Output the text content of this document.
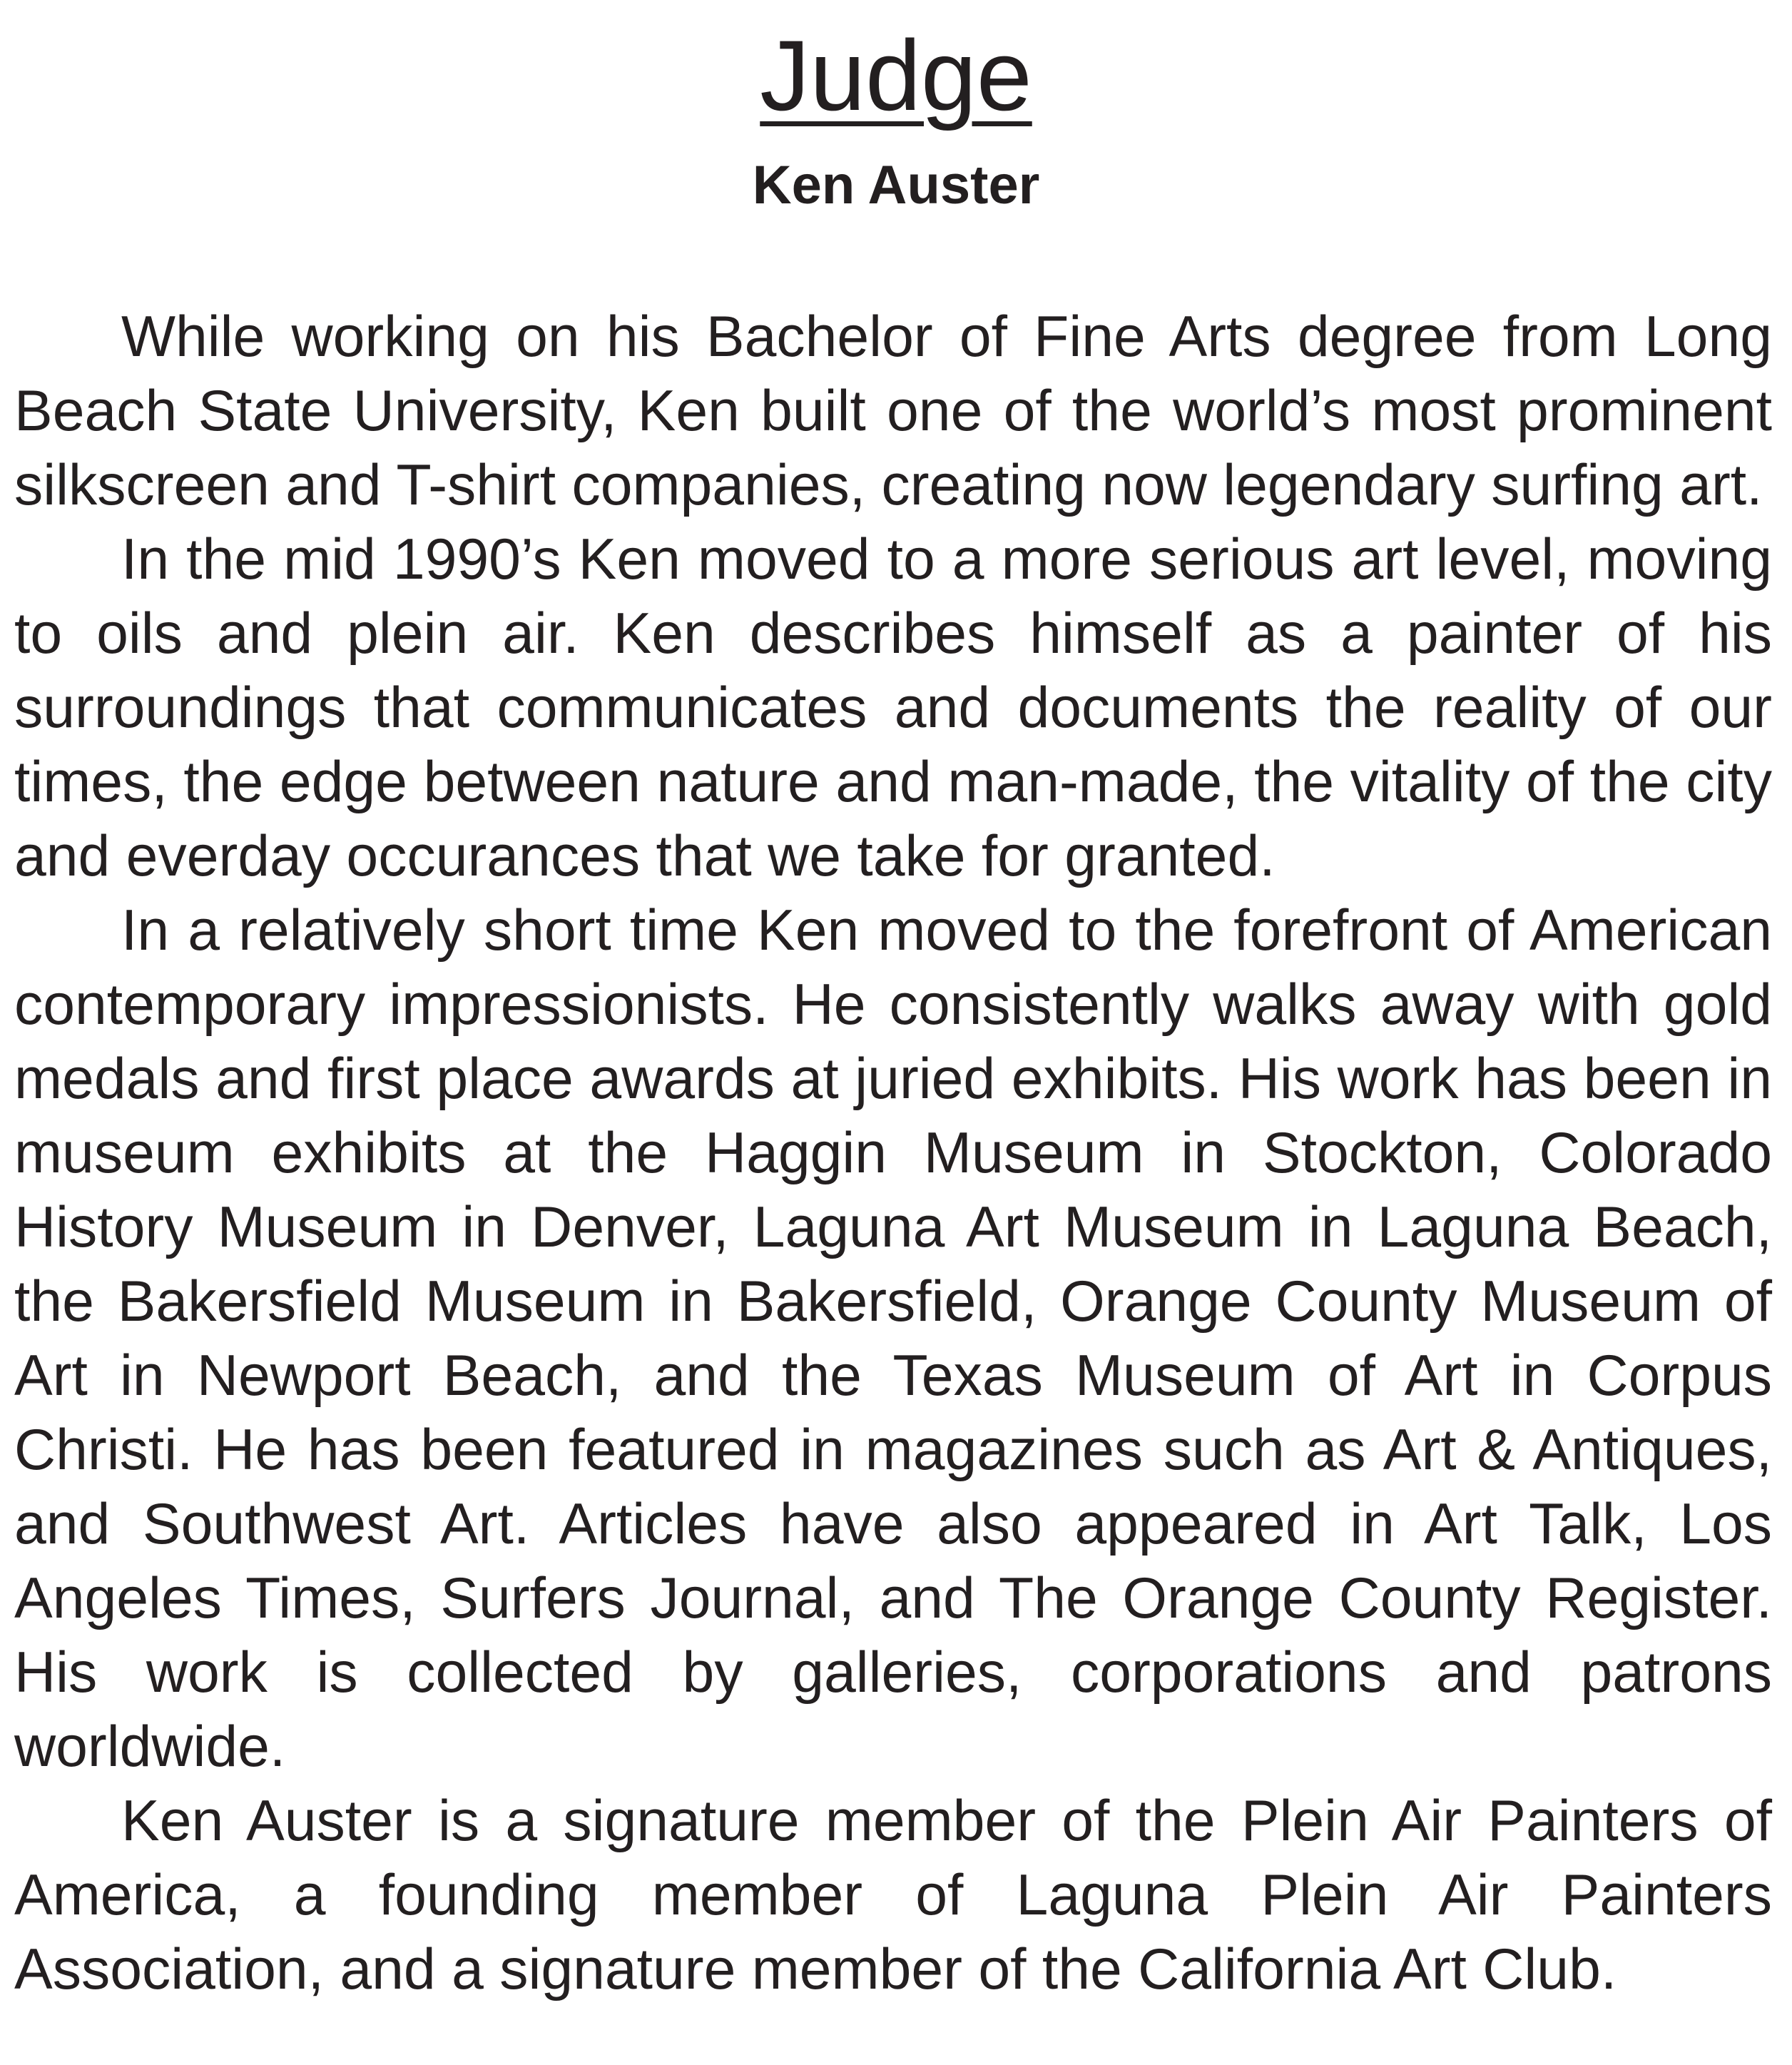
Judge
Ken Auster

While working on his Bachelor of Fine Arts degree from Long Beach State University, Ken built one of the world’s most prominent silkscreen and T-shirt companies, creating now legendary surfing art.

In the mid 1990’s Ken moved to a more serious art level, moving to oils and plein air. Ken describes himself as a painter of his surroundings that communicates and documents the reality of our times, the edge between nature and man-made, the vitality of the city and everday occurances that we take for granted.

In a relatively short time Ken moved to the forefront of American contemporary impressionists. He consistently walks away with gold medals and first place awards at juried exhibits. His work has been in museum exhibits at the Haggin Museum in Stockton, Colorado History Museum in Denver, Laguna Art Museum in Laguna Beach, the Bakersfield Museum in Bakersfield, Orange County Museum of Art in Newport Beach, and the Texas Museum of Art in Corpus Christi. He has been featured in magazines such as Art & Antiques, and Southwest Art. Articles have also appeared in Art Talk, Los Angeles Times, Surfers Journal, and The Orange County Register. His work is collected by galleries, corporations and patrons worldwide.

Ken Auster is a signature member of the Plein Air Painters of America, a founding member of Laguna Plein Air Painters Association, and a signature member of the California Art Club.
